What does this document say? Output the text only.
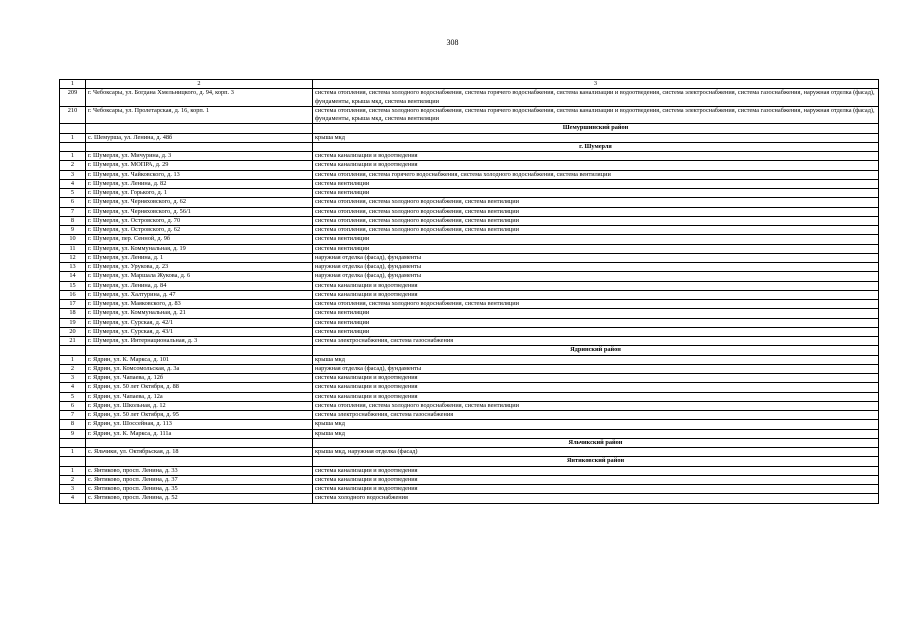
308
1	2	3
209	г. Чебоксары, ул. Богдана Хмельницкого, д. 94, корп. 3	система отопления, система холодного водоснабжения, система горячего водоснабжения, система канализации и водоотведения, система электроснабжения, система газоснабжения, наружная отделка (фасад), фундаменты, крыша мкд, система вентиляции
210	г. Чебоксары, ул. Пролетарская, д. 16, корп. 1	система отопления, система холодного водоснабжения, система горячего водоснабжения, система канализации и водоотведения, система электроснабжения, система газоснабжения, наружная отделка (фасад), фундаменты, крыша мкд, система вентиляции
		Шемуршинский район
1	с. Шемурша, ул. Ленина, д. 48б	крыша мкд
		г. Шумерля
1	г. Шумерля, ул. Мичурина, д. 3	система канализации и водоотведения
2	г. Шумерля, ул. МОПРА, д. 29	система канализации и водоотведения
3	г. Шумерля, ул. Чайковского, д. 13	система отопления, система горячего водоснабжения, система холодного водоснабжения, система вентиляции
4	г. Шумерля, ул. Ленина, д. 82	система вентиляции
5	г. Шумерля, ул. Горького, д. 1	система вентиляции
6	г. Шумерля, ул. Черняховского, д. 62	система отопления, система холодного водоснабжения, система вентиляции
7	г. Шумерля, ул. Черняховского, д. 56/1	система отопления, система холодного водоснабжения, система вентиляции
8	г. Шумерля, ул. Островского, д. 70	система отопления, система холодного водоснабжения, система вентиляции
9	г. Шумерля, ул. Островского, д. 62	система отопления, система холодного водоснабжения, система вентиляции
10	г. Шумерля, пер. Сенной, д. 9б	система вентиляции
11	г. Шумерля, ул. Коммунальная, д. 19	система вентиляции
12	г. Шумерля, ул. Ленина, д. 1	наружная отделка (фасад), фундаменты
13	г. Шумерля, ул. Урукова, д. 23	наружная отделка (фасад), фундаменты
14	г. Шумерля, ул. Маршала Жукова, д. 6	наружная отделка (фасад), фундаменты
15	г. Шумерля, ул. Ленина, д. 84	система канализации и водоотведения
16	г. Шумерля, ул. Халтурина, д. 47	система канализации и водоотведения
17	г. Шумерля, ул. Маяковского, д. 83	система отопления, система холодного водоснабжения, система вентиляции
18	г. Шумерля, ул. Коммунальная, д. 21	система вентиляции
19	г. Шумерля, ул. Сурская, д. 42/1	система вентиляции
20	г. Шумерля, ул. Сурская, д. 43/1	система вентиляции
21	г. Шумерля, ул. Интернациональная, д. 3	система электроснабжения, система газоснабжения
		Ядринский район
1	г. Ядрин, ул. К. Маркса, д. 101	крыша мкд
2	г. Ядрин, ул. Комсомольская, д. 3а	наружная отделка (фасад), фундаменты
3	г. Ядрин, ул. Чапаева, д. 12б	система канализации и водоотведения
4	г. Ядрин, ул. 50 лет Октября, д. 88	система канализации и водоотведения
5	г. Ядрин, ул. Чапаева, д. 12а	система канализации и водоотведения
6	г. Ядрин, ул. Школьная, д. 12	система отопления, система холодного водоснабжения, система вентиляции
7	г. Ядрин, ул. 50 лет Октября, д. 95	система электроснабжения, система газоснабжения
8	г. Ядрин, ул. Шоссейная, д. 113	крыша мкд
9	г. Ядрин, ул. К. Маркса, д. 111а	крыша мкд
		Яльчикский район
1	с. Яльчики, ул. Октябрьская, д. 18	крыша мкд, наружная отделка (фасад)
		Янтиковский район
1	с. Янтиково, просп. Ленина, д. 33	система канализации и водоотведения
2	с. Янтиково, просп. Ленина, д. 37	система канализации и водоотведения
3	с. Янтиково, просп. Ленина, д. 35	система канализации и водоотведения
4	с. Янтиково, просп. Ленина, д. 52	система холодного водоснабжения
